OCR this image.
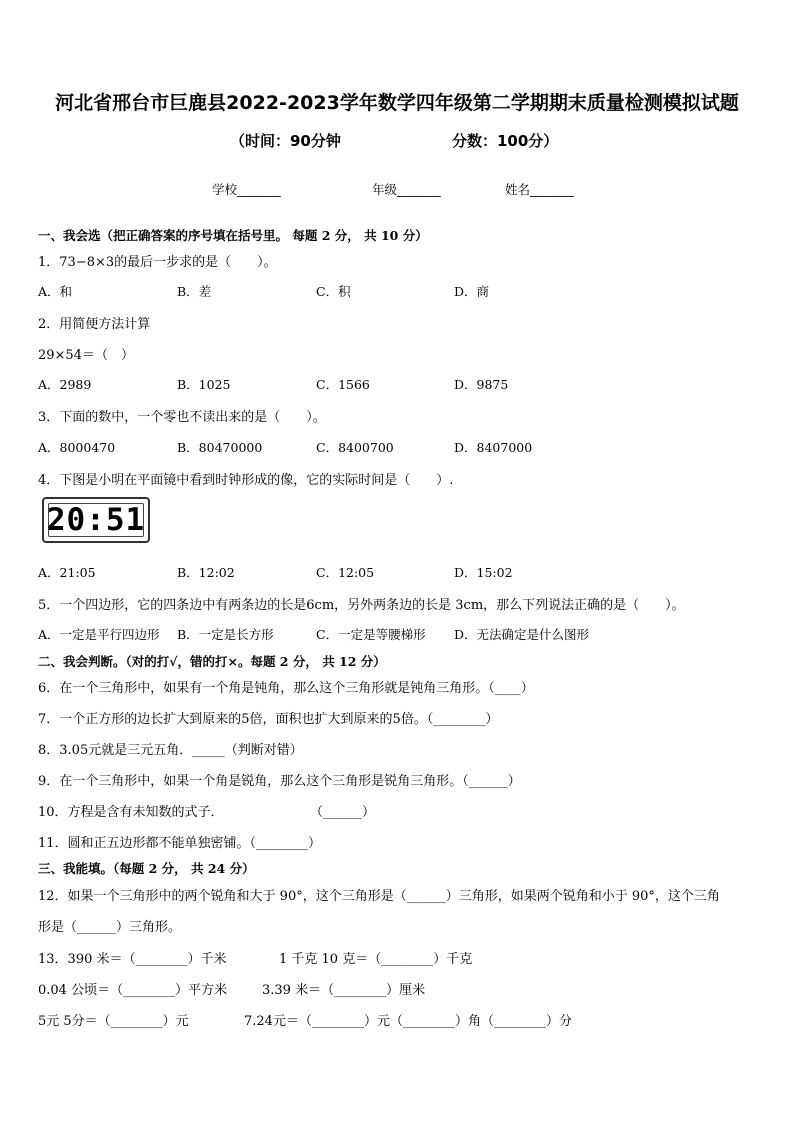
河北省邢台市巨鹿县2022-2023学年数学四年级第二学期期末质量检测模拟试题
（时间：90分钟	分数：100分）
学校_______	年级_______	姓名_______
一、我会选（把正确答案的序号填在括号里。 每题 2 分， 共 10 分）
1．73−8×3的最后一步求的是（　　）。
A．和	B．差	C．积	D．商
2．用简便方法计算
29×54＝（　）
A．2989	B．1025	C．1566	D．9875
3．下面的数中，一个零也不读出来的是（　　）。
A．8000470	B．80470000	C．8400700	D．8407000
4．下图是小明在平面镜中看到时钟形成的像，它的实际时间是（　　）.
20:51
A．21:05	B．12:02	C．12:05	D．15:02
5．一个四边形，它的四条边中有两条边的长是6cm，另外两条边的长是 3cm，那么下列说法正确的是（　　）。
A．一定是平行四边形 B．一定是长方形	C．一定是等腰梯形 D．无法确定是什么图形
二、我会判断。（对的打√，错的打×。每题 2 分， 共 12 分）
6．在一个三角形中，如果有一个角是钝角，那么这个三角形就是钝角三角形。（____）
7．一个正方形的边长扩大到原来的5倍，面积也扩大到原来的5倍。（________）
8．3.05元就是三元五角．_____（判断对错）
9．在一个三角形中，如果一个角是锐角，那么这个三角形是锐角三角形。（______）
10．方程是含有未知数的式子．	（______）
11．圆和正五边形都不能单独密铺。（________）
三、我能填。（每题 2 分， 共 24 分）
12．如果一个三角形中的两个锐角和大于 90°，这个三角形是（______）三角形，如果两个锐角和小于 90°，这个三角
形是（______）三角形。
13．390 米＝（________）千米	1 千克 10 克＝（________）千克
0.04 公顷＝（________）平方米	3.39 米＝（________）厘米
5元 5分＝（________）元	7.24元＝（________）元（________）角（________）分
